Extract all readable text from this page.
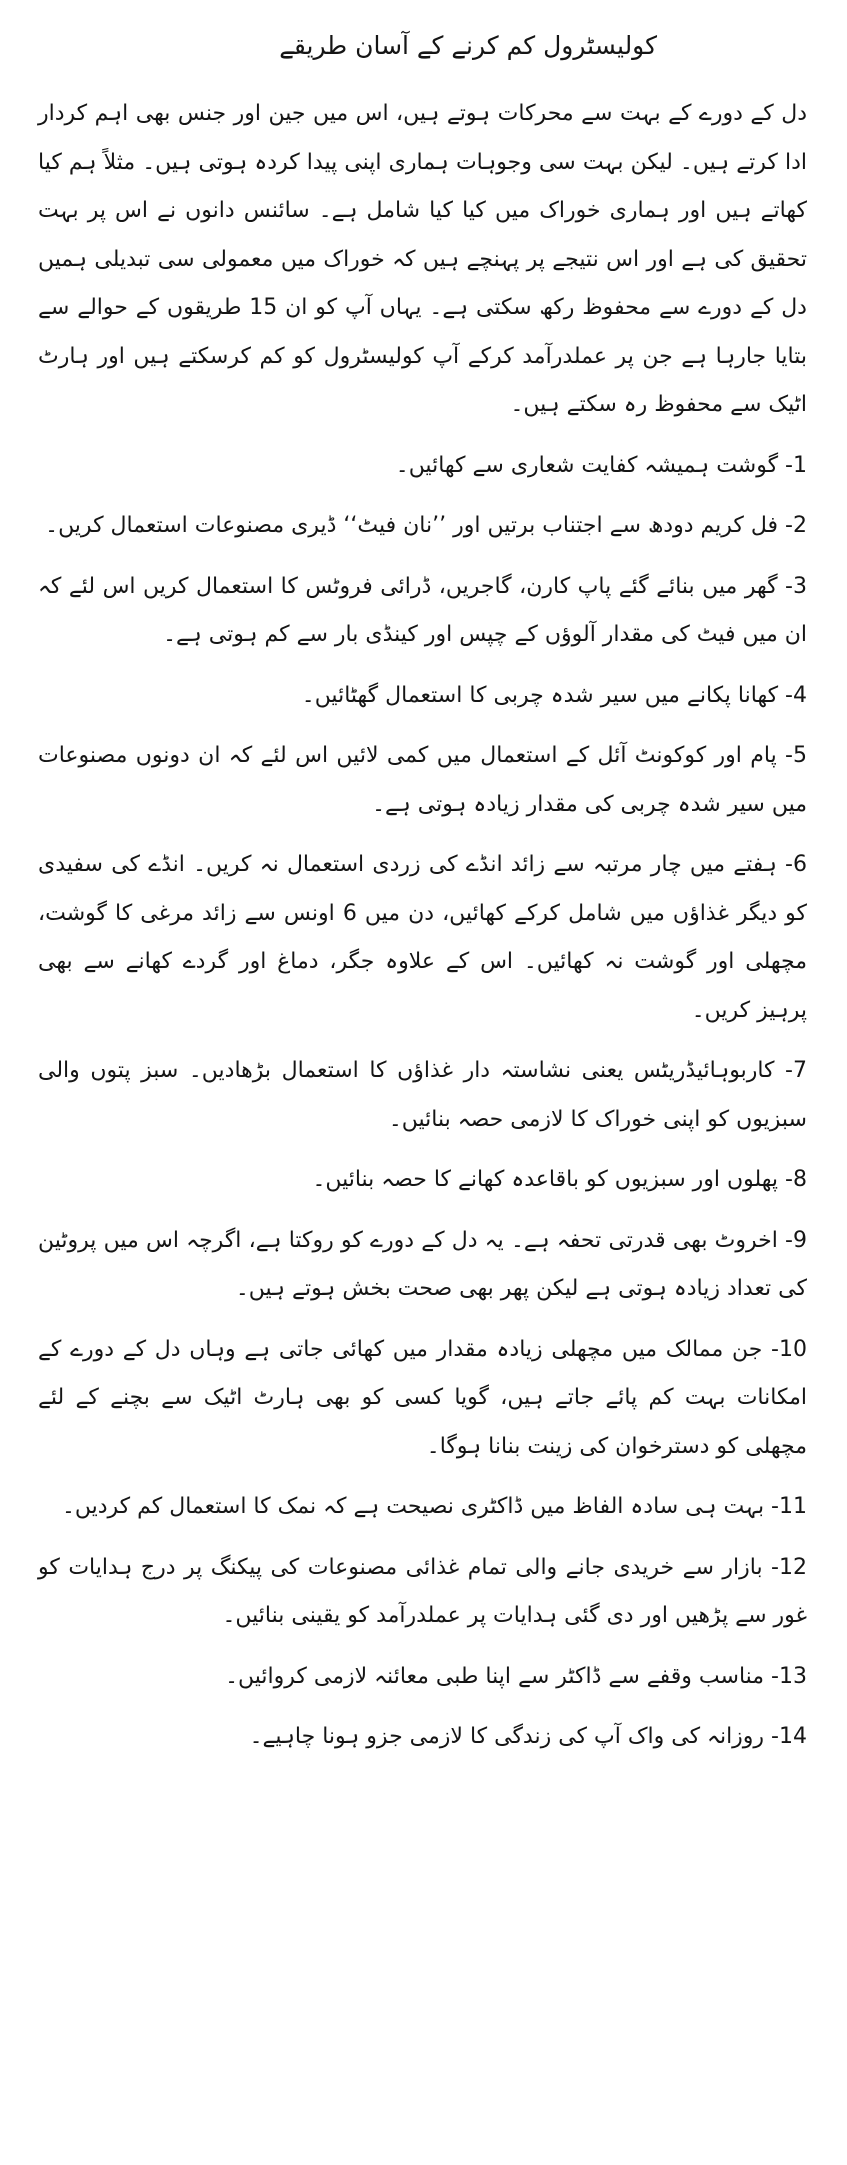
کولیسٹرول کم کرنے کے آسان طریقے

دل کے دورے کے بہت سے محرکات ہوتے ہیں، اس میں جین اور جنس بھی اہم کردار ادا کرتے ہیں۔ لیکن بہت سی وجوہات ہماری اپنی پیدا کردہ ہوتی ہیں۔ مثلاً ہم کیا کھاتے ہیں اور ہماری خوراک میں کیا کیا شامل ہے۔ سائنس دانوں نے اس پر بہت تحقیق کی ہے اور اس نتیجے پر پہنچے ہیں کہ خوراک میں معمولی سی تبدیلی ہمیں دل کے دورے سے محفوظ رکھ سکتی ہے۔ یہاں آپ کو ان 15 طریقوں کے حوالے سے بتایا جارہا ہے جن پر عملدرآمد کرکے آپ کولیسٹرول کو کم کرسکتے ہیں اور ہارٹ اٹیک سے محفوظ رہ سکتے ہیں۔

1- گوشت ہمیشہ کفایت شعاری سے کھائیں۔

2- فل کریم دودھ سے اجتناب برتیں اور ’’نان فیٹ‘‘ ڈیری مصنوعات استعمال کریں۔

3- گھر میں بنائے گئے پاپ کارن، گاجریں، ڈرائی فروٹس کا استعمال کریں اس لئے کہ ان میں فیٹ کی مقدار آلوؤں کے چپس اور کینڈی بار سے کم ہوتی ہے۔

4- کھانا پکانے میں سیر شدہ چربی کا استعمال گھٹائیں۔

5- پام اور کوکونٹ آئل کے استعمال میں کمی لائیں اس لئے کہ ان دونوں مصنوعات میں سیر شدہ چربی کی مقدار زیادہ ہوتی ہے۔

6- ہفتے میں چار مرتبہ سے زائد انڈے کی زردی استعمال نہ کریں۔ انڈے کی سفیدی کو دیگر غذاؤں میں شامل کرکے کھائیں، دن میں 6 اونس سے زائد مرغی کا گوشت، مچھلی اور گوشت نہ کھائیں۔ اس کے علاوہ جگر، دماغ اور گردے کھانے سے بھی پرہیز کریں۔

7- کاربوہائیڈریٹس یعنی نشاستہ دار غذاؤں کا استعمال بڑھادیں۔ سبز پتوں والی سبزیوں کو اپنی خوراک کا لازمی حصہ بنائیں۔

8- پھلوں اور سبزیوں کو باقاعدہ کھانے کا حصہ بنائیں۔

9- اخروٹ بھی قدرتی تحفہ ہے۔ یہ دل کے دورے کو روکتا ہے، اگرچہ اس میں پروٹین کی تعداد زیادہ ہوتی ہے لیکن پھر بھی صحت بخش ہوتے ہیں۔

10- جن ممالک میں مچھلی زیادہ مقدار میں کھائی جاتی ہے وہاں دل کے دورے کے امکانات بہت کم پائے جاتے ہیں، گویا کسی کو بھی ہارٹ اٹیک سے بچنے کے لئے مچھلی کو دسترخوان کی زینت بنانا ہوگا۔

11- بہت ہی سادہ الفاظ میں ڈاکٹری نصیحت ہے کہ نمک کا استعمال کم کردیں۔

12- بازار سے خریدی جانے والی تمام غذائی مصنوعات کی پیکنگ پر درج ہدایات کو غور سے پڑھیں اور دی گئی ہدایات پر عملدرآمد کو یقینی بنائیں۔

13- مناسب وقفے سے ڈاکٹر سے اپنا طبی معائنہ لازمی کروائیں۔

14- روزانہ کی واک آپ کی زندگی کا لازمی جزو ہونا چاہیے۔
